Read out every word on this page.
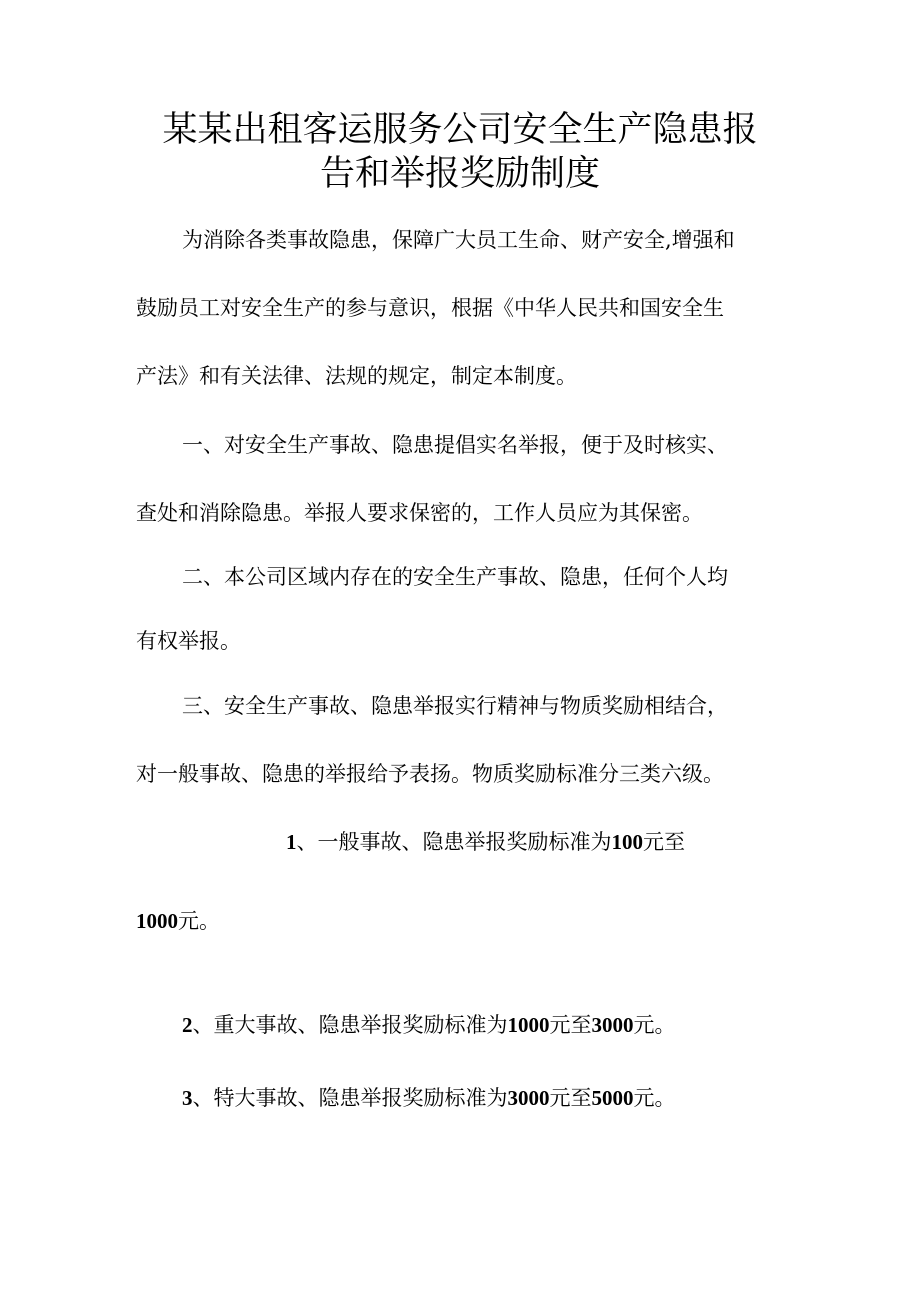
某某出租客运服务公司安全生产隐患报
告和举报奖励制度
为消除各类事故隐患，保障广大员工生命、财产安全,增强和
鼓励员工对安全生产的参与意识，根据《中华人民共和国安全生
产法》和有关法律、法规的规定，制定本制度。
一、对安全生产事故、隐患提倡实名举报，便于及时核实、
查处和消除隐患。举报人要求保密的，工作人员应为其保密。
二、本公司区域内存在的安全生产事故、隐患，任何个人均
有权举报。
三、安全生产事故、隐患举报实行精神与物质奖励相结合，
对一般事故、隐患的举报给予表扬。物质奖励标准分三类六级。
1、一般事故、隐患举报奖励标准为100元至
1000元。
2、重大事故、隐患举报奖励标准为1000元至3000元。
3、特大事故、隐患举报奖励标准为3000元至5000元。
